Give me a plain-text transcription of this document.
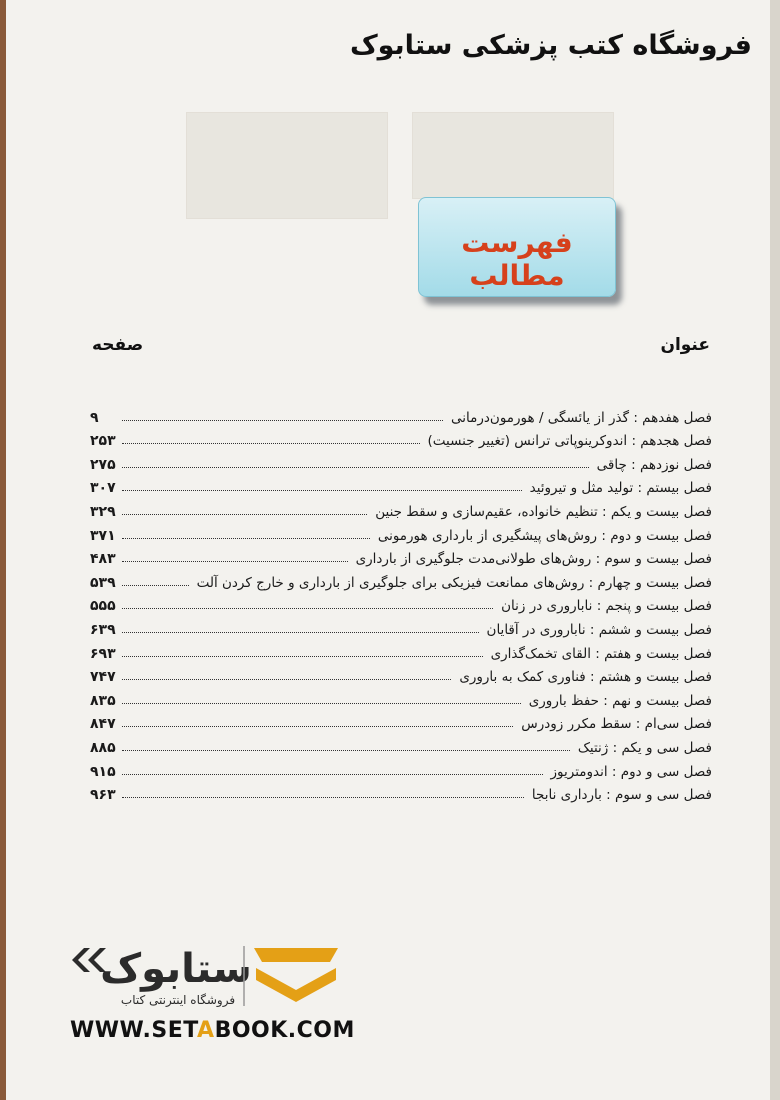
فروشگاه کتب پزشکی ستابوک
فهرست مطالب
عنوان
صفحه
فصل هفدهم : گذر از یائسگی / هورمون‌درمانی
۹
فصل هجدهم : اندوکرینوپاتی ترانس (تغییر جنسیت)
۲۵۳
فصل نوزدهم : چاقی
۲۷۵
فصل بیستم : تولید مثل و تیروئید
۳۰۷
فصل بیست و یکم : تنظیم خانواده، عقیم‌سازی و سقط جنین
۳۲۹
فصل بیست و دوم : روش‌های پیشگیری از بارداری هورمونی
۳۷۱
فصل بیست و سوم : روش‌های طولانی‌مدت جلوگیری از بارداری
۴۸۳
فصل بیست و چهارم : روش‌های ممانعت فیزیکی برای جلوگیری از بارداری و خارج کردن آلت
۵۳۹
فصل بیست و پنجم : ناباروری در زنان
۵۵۵
فصل بیست و ششم : ناباروری در آقایان
۶۳۹
فصل بیست و هفتم : القای تخمک‌گذاری
۶۹۳
فصل بیست و هشتم : فناوری کمک به باروری
۷۴۷
فصل بیست و نهم : حفظ باروری
۸۳۵
فصل سی‌ام : سقط مکرر زودرس
۸۴۷
فصل سی و یکم : ژنتیک
۸۸۵
فصل سی و دوم : اندومتریوز
۹۱۵
فصل سی و سوم : بارداری نابجا
۹۶۳
ستابوک
فروشگاه اینترنتی کتاب
WWW.SETABOOK.COM
